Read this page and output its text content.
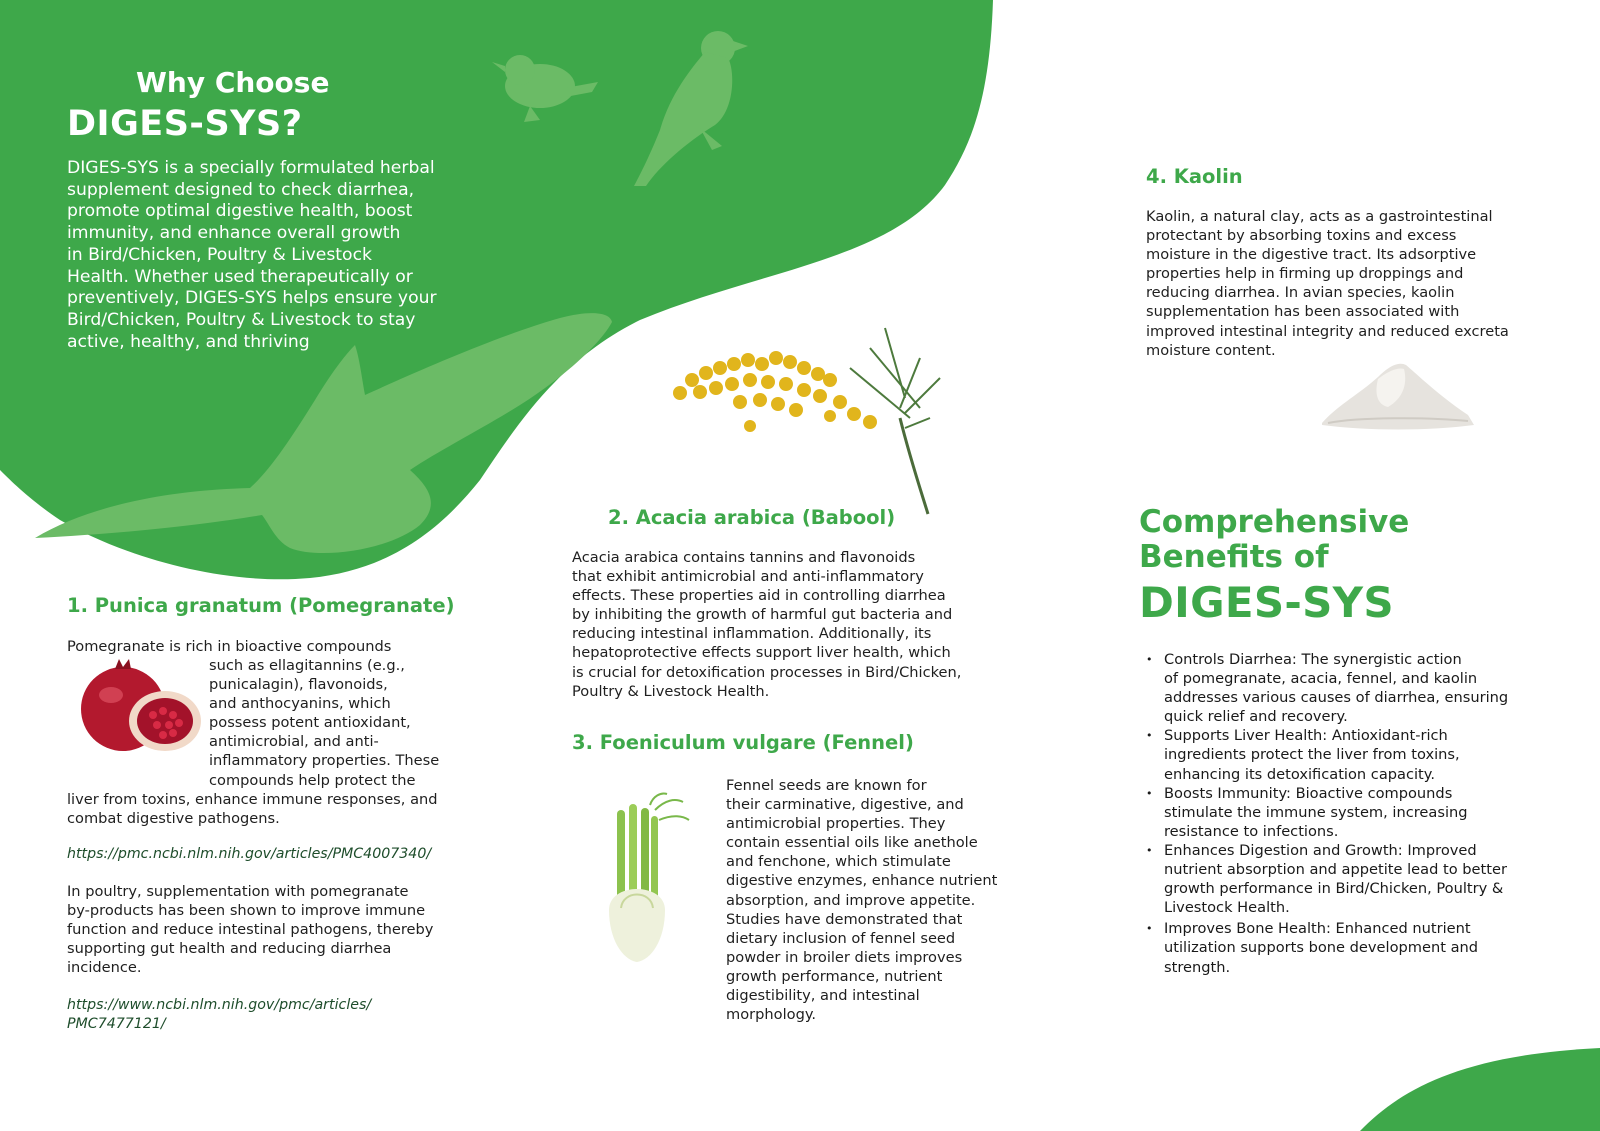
Why Choose
DIGES-SYS?
DIGES-SYS is a specially formulated herbal
supplement designed to check diarrhea,
promote optimal digestive health, boost
immunity, and enhance overall growth
in Bird/Chicken, Poultry & Livestock
Health. Whether used therapeutically or
preventively, DIGES-SYS helps ensure your
Bird/Chicken, Poultry & Livestock to stay
active, healthy, and thriving
1. Punica granatum (Pomegranate)
Pomegranate is rich in bioactive compounds
such as ellagitannins (e.g.,
punicalagin), flavonoids,
and anthocyanins, which
possess potent antioxidant,
antimicrobial, and anti-
inflammatory properties. These
compounds help protect the
liver from toxins, enhance immune responses, and
combat digestive pathogens.
https://pmc.ncbi.nlm.nih.gov/articles/PMC4007340/
In poultry, supplementation with pomegranate
by-products has been shown to improve immune
function and reduce intestinal pathogens, thereby
supporting gut health and reducing diarrhea
incidence.
https://www.ncbi.nlm.nih.gov/pmc/articles/
PMC7477121/
2. Acacia arabica (Babool)
Acacia arabica contains tannins and flavonoids
that exhibit antimicrobial and anti-inflammatory
effects. These properties aid in controlling diarrhea
by inhibiting the growth of harmful gut bacteria and
reducing intestinal inflammation. Additionally, its
hepatoprotective effects support liver health, which
is crucial for detoxification processes in Bird/Chicken,
Poultry & Livestock Health.
3. Foeniculum vulgare (Fennel)
Fennel seeds are known for
their carminative, digestive, and
antimicrobial properties. They
contain essential oils like anethole
and fenchone, which stimulate
digestive enzymes, enhance nutrient
absorption, and improve appetite.
Studies have demonstrated that
dietary inclusion of fennel seed
powder in broiler diets improves
growth performance, nutrient
digestibility, and intestinal
morphology.
4. Kaolin
Kaolin, a natural clay, acts as a gastrointestinal
protectant by absorbing toxins and excess
moisture in the digestive tract. Its adsorptive
properties help in firming up droppings and
reducing diarrhea. In avian species, kaolin
supplementation has been associated with
improved intestinal integrity and reduced excreta
moisture content.
Comprehensive
Benefits of
DIGES-SYS
• Controls Diarrhea: The synergistic action
of pomegranate, acacia, fennel, and kaolin
addresses various causes of diarrhea, ensuring
quick relief and recovery.
• Supports Liver Health: Antioxidant-rich
ingredients protect the liver from toxins,
enhancing its detoxification capacity.
• Boosts Immunity: Bioactive compounds
stimulate the immune system, increasing
resistance to infections.
• Enhances Digestion and Growth: Improved
nutrient absorption and appetite lead to better
growth performance in Bird/Chicken, Poultry &
Livestock Health.
• Improves Bone Health: Enhanced nutrient
utilization supports bone development and
strength.
